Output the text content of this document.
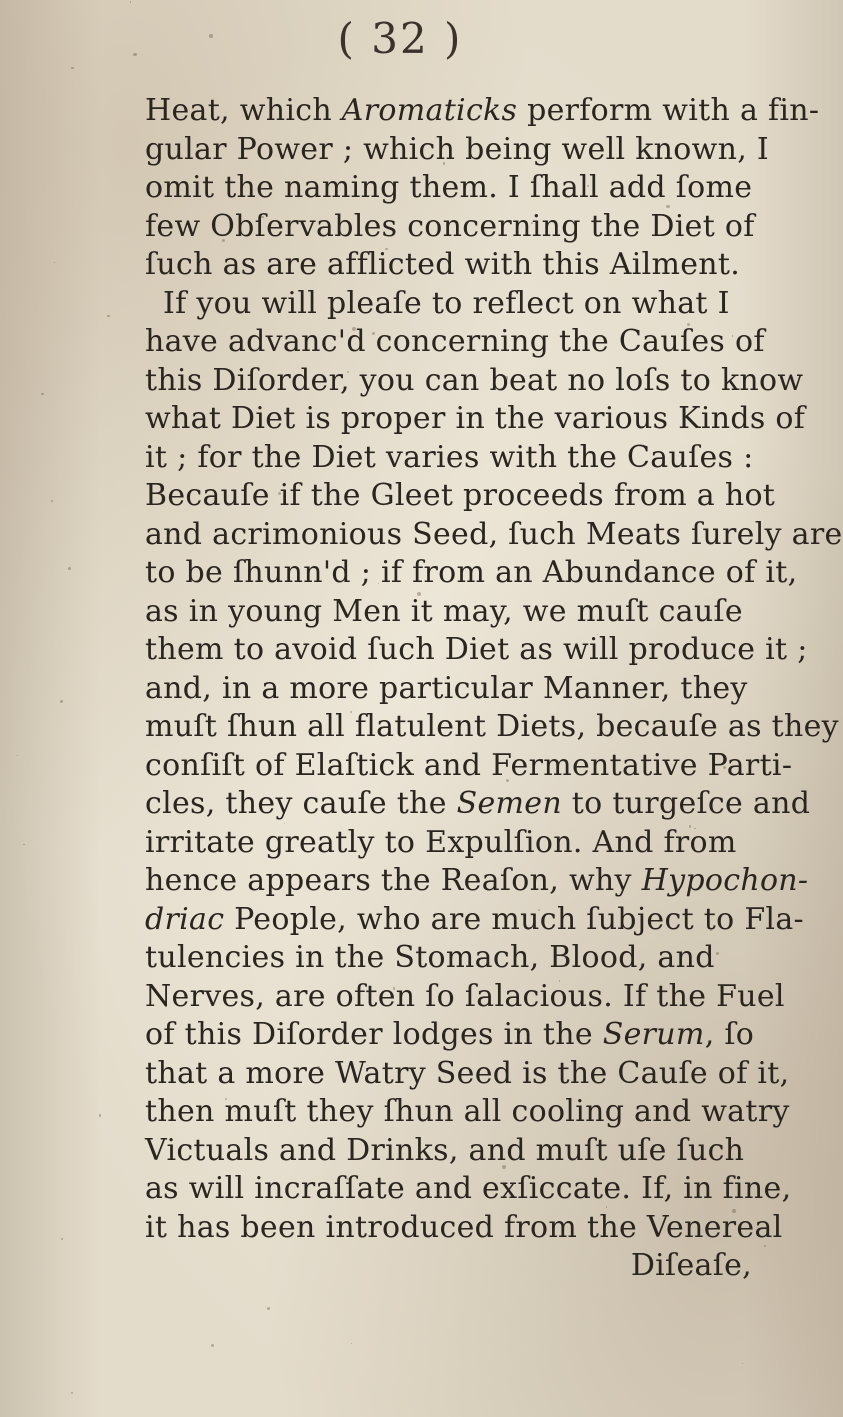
( 32 )
Heat, which Aromaticks perform with a fin-
gular Power ; which being well known, I
omit the naming them. I ſhall add ſome
few Obſervables concerning the Diet of
ſuch as are afflicted with this Ailment.
If you will pleaſe to reflect on what I
have advanc'd concerning the Cauſes of
this Diſorder, you can beat no loſs to know
what Diet is proper in the various Kinds of
it ; for the Diet varies with the Cauſes :
Becauſe if the Gleet proceeds from a hot
and acrimonious Seed, ſuch Meats ſurely are
to be ſhunn'd ; if from an Abundance of it,
as in young Men it may, we muſt cauſe
them to avoid ſuch Diet as will produce it ;
and, in a more particular Manner, they
muſt ſhun all flatulent Diets, becauſe as they
conſiſt of Elaſtick and Fermentative Parti-
cles, they cauſe the Semen to turgeſce and
irritate greatly to Expulſion. And from
hence appears the Reaſon, why Hypochon-
driac People, who are much ſubject to Fla-
tulencies in the Stomach, Blood, and
Nerves, are often ſo ſalacious. If the Fuel
of this Diſorder lodges in the Serum, ſo
that a more Watry Seed is the Cauſe of it,
then muſt they ſhun all cooling and watry
Victuals and Drinks, and muſt uſe ſuch
as will incraſſate and exſiccate. If, in fine,
it has been introduced from the Venereal
Diſeaſe,
